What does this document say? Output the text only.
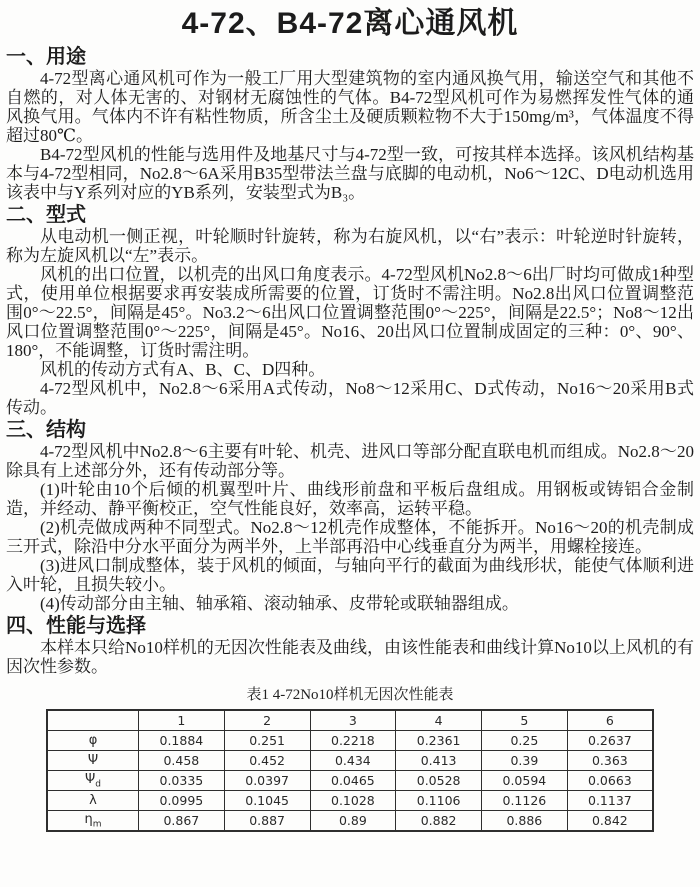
4-72、B4-72离心通风机
一、用途

4-72型离心通风机可作为一般工厂用大型建筑物的室内通风换气用，输送空气和其他不自燃的，对人体无害的、对钢材无腐蚀性的气体。B4-72型风机可作为易燃挥发性气体的通风换气用。气体内不许有粘性物质，所含尘土及硬质颗粒物不大于150mg/m³，气体温度不得超过80℃。

B4-72型风机的性能与选用件及地基尺寸与4-72型一致，可按其样本选择。该风机结构基本与4-72型相同，No2.8～6A采用B35型带法兰盘与底脚的电动机，No6～12C、D电动机选用该表中与Y系列对应的YB系列，安装型式为B₃。

二、型式

从电动机一侧正视，叶轮顺时针旋转，称为右旋风机，以“右”表示：叶轮逆时针旋转，称为左旋风机以“左”表示。

风机的出口位置，以机壳的出风口角度表示。4-72型风机No2.8～6出厂时均可做成1种型式，使用单位根据要求再安装成所需要的位置，订货时不需注明。No2.8出风口位置调整范围0°～22.5°，间隔是45°。No3.2～6出风口位置调整范围0°～225°，间隔是22.5°；No8～12出风口位置调整范围0°～225°，间隔是45°。No16、20出风口位置制成固定的三种：0°、90°、180°，不能调整，订货时需注明。

风机的传动方式有A、B、C、D四种。

4-72型风机中，No2.8～6采用A式传动，No8～12采用C、D式传动，No16～20采用B式传动。

三、结构

4-72型风机中No2.8～6主要有叶轮、机壳、进风口等部分配直联电机而组成。No2.8～20除具有上述部分外，还有传动部分等。

(1)叶轮由10个后倾的机翼型叶片、曲线形前盘和平板后盘组成。用钢板或铸铝合金制造，并经动、静平衡校正，空气性能良好，效率高，运转平稳。

(2)机壳做成两种不同型式。No2.8～12机壳作成整体，不能拆开。No16～20的机壳制成三开式，除沿中分水平面分为两半外，上半部再沿中心线垂直分为两半，用螺栓接连。

(3)进风口制成整体，装于风机的倾面，与轴向平行的截面为曲线形状，能使气体顺利进入叶轮，且损失较小。

(4)传动部分由主轴、轴承箱、滚动轴承、皮带轮或联轴器组成。

四、性能与选择

本样本只给No10样机的无因次性能表及曲线，由该性能表和曲线计算No10以上风机的有因次性参数。

表1 4-72No10样机无因次性能表
	1	2	3	4	5	6
φ	0.1884	0.251	0.2218	0.2361	0.25	0.2637
Ψ	0.458	0.452	0.434	0.413	0.39	0.363
$\Psi_d$	0.0335	0.0397	0.0465	0.0528	0.0594	0.0663
λ	0.0995	0.1045	0.1028	0.1106	0.1126	0.1137
$\eta_m$	0.867	0.887	0.89	0.882	0.886	0.842
